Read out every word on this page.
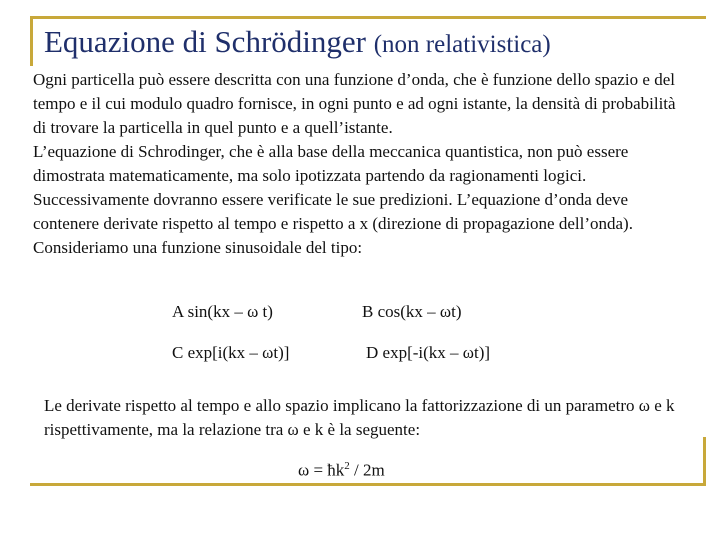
Equazione di Schrödinger (non relativistica)

Ogni particella può essere descritta con una funzione d’onda, che è funzione dello spazio e del tempo e il cui modulo quadro fornisce, in ogni punto e ad ogni istante, la densità di probabilità di trovare la particella in quel punto e a quell’istante.
L’equazione di Schrodinger, che è alla base della meccanica quantistica, non può essere dimostrata matematicamente, ma solo ipotizzata partendo da ragionamenti logici. Successivamente dovranno essere verificate le sue predizioni. L’equazione d’onda deve contenere derivate rispetto al tempo e rispetto a x (direzione di propagazione dell’onda). Consideriamo una funzione sinusoidale del tipo:

A sin(kx – ω t)	B cos(kx – ωt)
C exp[i(kx – ωt)]	D exp[-i(kx – ωt)]

Le derivate rispetto al tempo e allo spazio implicano la fattorizzazione di un parametro ω e k rispettivamente, ma la relazione tra ω e k è la seguente:

$\omega = ħk^2 / 2m$
